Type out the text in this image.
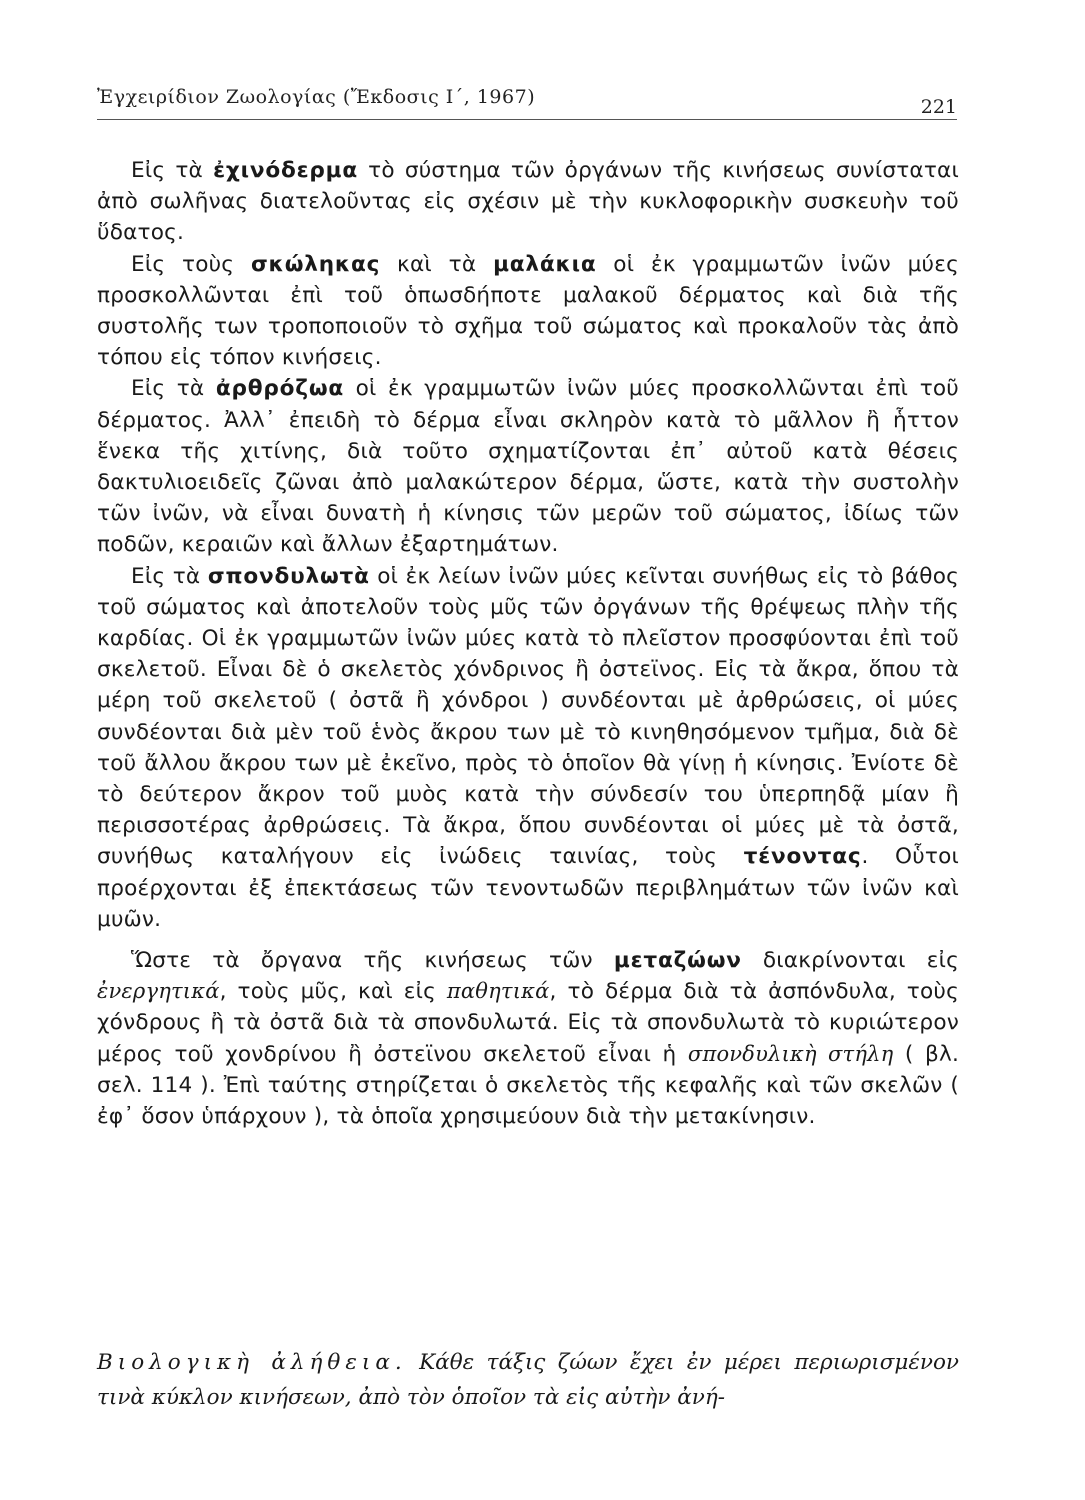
Ἐγχειρίδιον Ζωολογίας (Ἔκδοσις Ι΄, 1967)	221

Εἰς τὰ ἐχινόδερμα τὸ σύστημα τῶν ὀργάνων τῆς κινήσεως συνίσταται ἀπὸ σωλῆνας διατελοῦντας εἰς σχέσιν μὲ τὴν κυκλοφορικὴν συσκευὴν τοῦ ὕδατος.

Εἰς τοὺς σκώληκας καὶ τὰ μαλάκια οἱ ἐκ γραμμωτῶν ἰνῶν μύες προσκολλῶνται ἐπὶ τοῦ ὁπωσδήποτε μαλακοῦ δέρματος καὶ διὰ τῆς συστολῆς των τροποποιοῦν τὸ σχῆμα τοῦ σώματος καὶ προκαλοῦν τὰς ἀπὸ τόπου εἰς τόπον κινήσεις.

Εἰς τὰ ἀρθρόζωα οἱ ἐκ γραμμωτῶν ἰνῶν μύες προσκολλῶνται ἐπὶ τοῦ δέρματος. Ἀλλ᾽ ἐπειδὴ τὸ δέρμα εἶναι σκληρὸν κατὰ τὸ μᾶλλον ἢ ἧττον ἕνεκα τῆς χιτίνης, διὰ τοῦτο σχηματίζονται ἐπ᾽ αὐτοῦ κατὰ θέσεις δακτυλιοειδεῖς ζῶναι ἀπὸ μαλακώτερον δέρμα, ὥστε, κατὰ τὴν συστολὴν τῶν ἰνῶν, νὰ εἶναι δυνατὴ ἡ κίνησις τῶν μερῶν τοῦ σώματος, ἰδίως τῶν ποδῶν, κεραιῶν καὶ ἄλλων ἐξαρτημάτων.

Εἰς τὰ σπονδυλωτὰ οἱ ἐκ λείων ἰνῶν μύες κεῖνται συνήθως εἰς τὸ βάθος τοῦ σώματος καὶ ἀποτελοῦν τοὺς μῦς τῶν ὀργάνων τῆς θρέψεως πλὴν τῆς καρδίας. Οἱ ἐκ γραμμωτῶν ἰνῶν μύες κατὰ τὸ πλεῖστον προσφύονται ἐπὶ τοῦ σκελετοῦ. Εἶναι δὲ ὁ σκελετὸς χόνδρινος ἢ ὀστεϊνος. Εἰς τὰ ἄκρα, ὅπου τὰ μέρη τοῦ σκελετοῦ ( ὀστᾶ ἢ χόνδροι ) συνδέονται μὲ ἀρθρώσεις, οἱ μύες συνδέονται διὰ μὲν τοῦ ἑνὸς ἄκρου των μὲ τὸ κινηθησόμενον τμῆμα, διὰ δὲ τοῦ ἄλλου ἄκρου των μὲ ἐκεῖνο, πρὸς τὸ ὁποῖον θὰ γίνῃ ἡ κίνησις. Ἐνίοτε δὲ τὸ δεύτερον ἄκρον τοῦ μυὸς κατὰ τὴν σύνδεσίν του ὑπερπηδᾷ μίαν ἢ περισσοτέρας ἀρθρώσεις. Τὰ ἄκρα, ὅπου συνδέονται οἱ μύες μὲ τὰ ὀστᾶ, συνήθως καταλήγουν εἰς ἰνώδεις ταινίας, τοὺς τένοντας. Οὗτοι προέρχονται ἐξ ἐπεκτάσεως τῶν τενοντωδῶν περιβλημάτων τῶν ἰνῶν καὶ μυῶν.

Ὥστε τὰ ὄργανα τῆς κινήσεως τῶν μεταζώων διακρίνονται εἰς ἐνεργητικά, τοὺς μῦς, καὶ εἰς παθητικά, τὸ δέρμα διὰ τὰ ἀσπόνδυλα, τοὺς χόνδρους ἢ τὰ ὀστᾶ διὰ τὰ σπονδυλωτά. Εἰς τὰ σπονδυλωτὰ τὸ κυριώτερον μέρος τοῦ χονδρίνου ἢ ὀστεϊνου σκελετοῦ εἶναι ἡ σπονδυλικὴ στήλη ( βλ. σελ. 114 ). Ἐπὶ ταύτης στηρίζεται ὁ σκελετὸς τῆς κεφαλῆς καὶ τῶν σκελῶν ( ἐφ᾽ ὅσον ὑπάρχουν ), τὰ ὁποῖα χρησιμεύουν διὰ τὴν μετακίνησιν.

Βιολογικὴ ἀλήθεια. Κάθε τάξις ζώων ἔχει ἐν μέρει περιωρισμένον τινὰ κύκλον κινήσεων, ἀπὸ τὸν ὁποῖον τὰ εἰς αὐτὴν ἀνή-
